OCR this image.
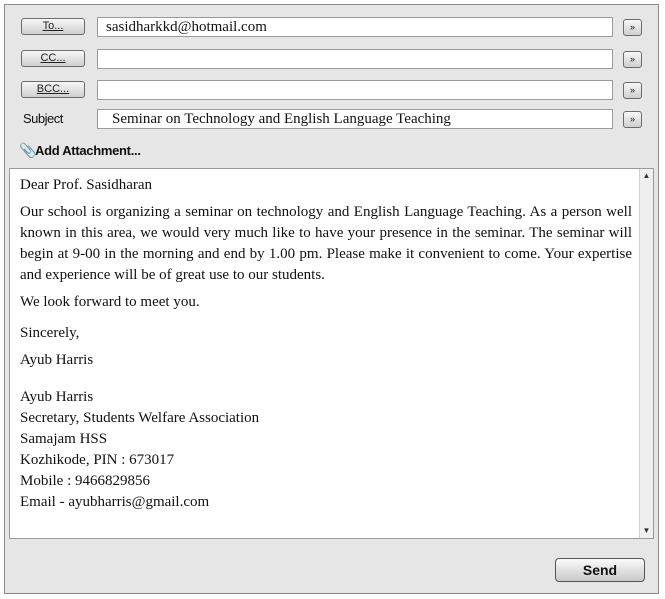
To...	sasidharkkd@hotmail.com	»
CC...	»
BCC...	»
Subject	Seminar on Technology and English Language Teaching	»
📎Add Attachment...

Dear Prof. Sasidharan

Our school is organizing a seminar on technology and English Language Teaching. As a person well known in this area, we would very much like to have your presence in the seminar. The seminar will begin at 9-00 in the morning and end by 1.00 pm. Please make it convenient to come. Your expertise and experience will be of great use to our students.

We look forward to meet you.

Sincerely,

Ayub Harris

Ayub Harris

Secretary, Students Welfare Association

Samajam HSS

Kozhikode, PIN : 673017

Mobile : 9466829856

Email - ayubharris@gmail.com

▲
▼
Send
